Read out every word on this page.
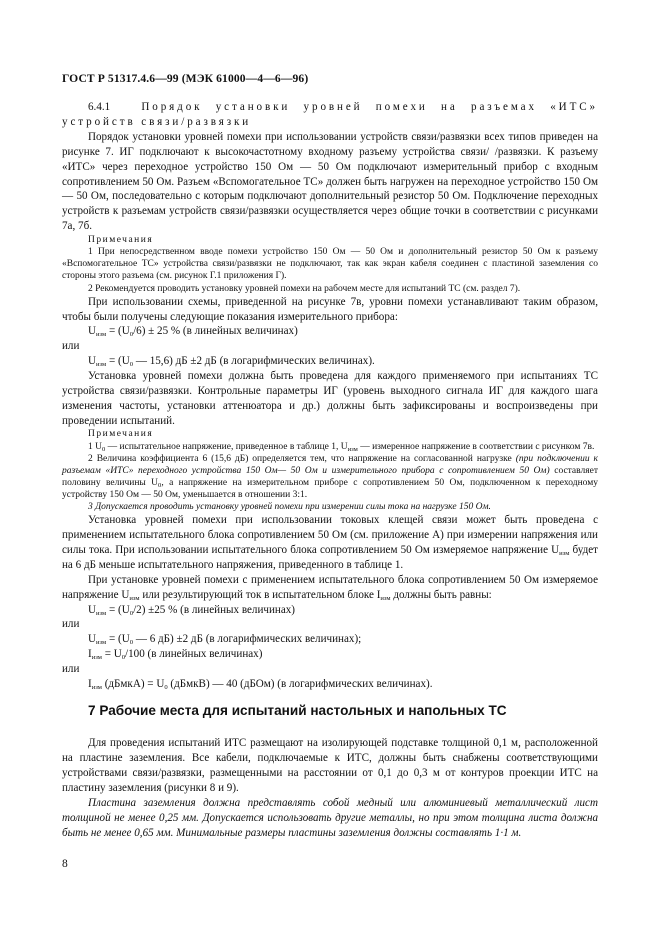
ГОСТ Р 51317.4.6—99 (МЭК 61000—4—6—96)

6.4.1	Порядок установки уровней помехи на разъемах «ИТС» устройств связи/развязки

Порядок установки уровней помехи при использовании устройств связи/развязки всех типов приведен на рисунке 7. ИГ подключают к высокочастотному входному разъему устройства связи/ /развязки. К разъему «ИТС» через переходное устройство 150 Ом — 50 Ом подключают измерительный прибор с входным сопротивлением 50 Ом. Разъем «Вспомогательное ТС» должен быть нагружен на переходное устройство 150 Ом — 50 Ом, последовательно с которым подключают дополнительный резистор 50 Ом. Подключение переходных устройств к разъемам устройств связи/развязки осуществляется через общие точки в соответствии с рисунками 7а, 7б.

Примечания

1 При непосредственном вводе помехи устройство 150 Ом — 50 Ом и дополнительный резистор 50 Ом к разъему «Вспомогательное ТС» устройства связи/развязки не подключают, так как экран кабеля соединен с пластиной заземления со стороны этого разъема (см. рисунок Г.1 приложения Г).

2 Рекомендуется проводить установку уровней помехи на рабочем месте для испытаний ТС (см. раздел 7).

При использовании схемы, приведенной на рисунке 7в, уровни помехи устанавливают таким образом, чтобы были получены следующие показания измерительного прибора:

$U_{изм} = (U_0/6) \pm 25$ % (в линейных величинах)

или

$U_{изм} = (U_0$ — 15,6) дБ ±2 дБ (в логарифмических величинах).

Установка уровней помехи должна быть проведена для каждого применяемого при испытаниях ТС устройства связи/развязки. Контрольные параметры ИГ (уровень выходного сигнала ИГ для каждого шага изменения частоты, установки аттенюатора и др.) должны быть зафиксированы и воспроизведены при проведении испытаний.

Примечания

1 $U_0$ — испытательное напряжение, приведенное в таблице 1, $U_{изм}$ — измеренное напряжение в соответствии с рисунком 7в.

2 Величина коэффициента 6 (15,6 дБ) определяется тем, что напряжение на согласованной нагрузке (при подключении к разъемам «ИТС» переходного устройства 150 Ом— 50 Ом и измерительного прибора с сопротивлением 50 Ом) составляет половину величины $U_0$, а напряжение на измерительном приборе с сопротивлением 50 Ом, подключенном к переходному устройству 150 Ом — 50 Ом, уменьшается в отношении 3:1.

3 Допускается проводить установку уровней помехи при измерении силы тока на нагрузке 150 Ом.

Установка уровней помехи при использовании токовых клещей связи может быть проведена с применением испытательного блока сопротивлением 50 Ом (см. приложение А) при измерении напряжения или силы тока. При использовании испытательного блока сопротивлением 50 Ом измеряемое напряжение $U_{изм}$ будет на 6 дБ меньше испытательного напряжения, приведенного в таблице 1.

При установке уровней помехи с применением испытательного блока сопротивлением 50 Ом измеряемое напряжение $U_{изм}$ или результирующий ток в испытательном блоке $I_{изм}$ должны быть равны:

$U_{изм} = (U_0/2) \pm 25$ % (в линейных величинах)

или

$U_{изм} = (U_0$ — 6 дБ) ±2 дБ (в логарифмических величинах);

$I_{изм} = U_0/100$ (в линейных величинах)

или

$I_{изм}$ (дБмкА) = $U_0$ (дБмкВ) — 40 (дБОм) (в логарифмических величинах).

7 Рабочие места для испытаний настольных и напольных ТС

Для проведения испытаний ИТС размещают на изолирующей подставке толщиной 0,1 м, расположенной на пластине заземления. Все кабели, подключаемые к ИТС, должны быть снабжены соответствующими устройствами связи/развязки, размещенными на расстоянии от 0,1 до 0,3 м от контуров проекции ИТС на пластину заземления (рисунки 8 и 9).

Пластина заземления должна представлять собой медный или алюминиевый металлический лист толщиной не менее 0,25 мм. Допускается использовать другие металлы, но при этом толщина листа должна быть не менее 0,65 мм. Минимальные размеры пластины заземления должны составлять 1·1 м.

8
